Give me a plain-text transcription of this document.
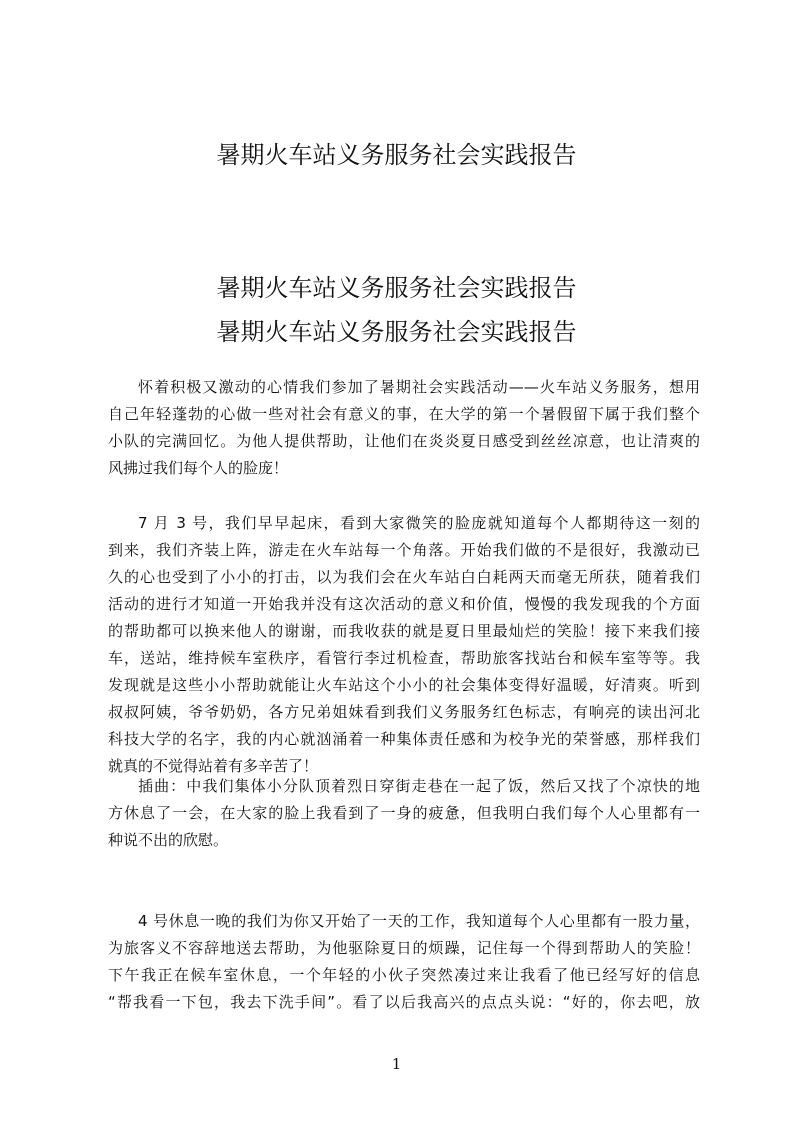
暑期火车站义务服务社会实践报告
暑期火车站义务服务社会实践报告
暑期火车站义务服务社会实践报告
怀着积极又激动的心情我们参加了暑期社会实践活动——火车站义务服务，想用
自己年轻蓬勃的心做一些对社会有意义的事，在大学的第一个暑假留下属于我们整个
小队的完满回忆。为他人提供帮助，让他们在炎炎夏日感受到丝丝凉意，也让清爽的
风拂过我们每个人的脸庞！
7 月 3 号，我们早早起床，看到大家微笑的脸庞就知道每个人都期待这一刻的
到来，我们齐装上阵，游走在火车站每一个角落。开始我们做的不是很好，我激动已
久的心也受到了小小的打击，以为我们会在火车站白白耗两天而毫无所获，随着我们
活动的进行才知道一开始我并没有这次活动的意义和价值，慢慢的我发现我的个方面
的帮助都可以换来他人的谢谢，而我收获的就是夏日里最灿烂的笑脸！接下来我们接
车，送站，维持候车室秩序，看管行李过机检查，帮助旅客找站台和候车室等等。我
发现就是这些小小帮助就能让火车站这个小小的社会集体变得好温暖，好清爽。听到
叔叔阿姨，爷爷奶奶，各方兄弟姐妹看到我们义务服务红色标志，有响亮的读出河北
科技大学的名字，我的内心就汹涌着一种集体责任感和为校争光的荣誉感，那样我们
就真的不觉得站着有多辛苦了！
插曲：中我们集体小分队顶着烈日穿街走巷在一起了饭，然后又找了个凉快的地
方休息了一会，在大家的脸上我看到了一身的疲惫，但我明白我们每个人心里都有一
种说不出的欣慰。
4 号休息一晚的我们为你又开始了一天的工作，我知道每个人心里都有一股力量，
为旅客义不容辞地送去帮助，为他驱除夏日的烦躁，记住每一个得到帮助人的笑脸！
下午我正在候车室休息，一个年轻的小伙子突然凑过来让我看了他已经写好的信息
“帮我看一下包，我去下洗手间”。看了以后我高兴的点点头说：“好的，你去吧，放
1
